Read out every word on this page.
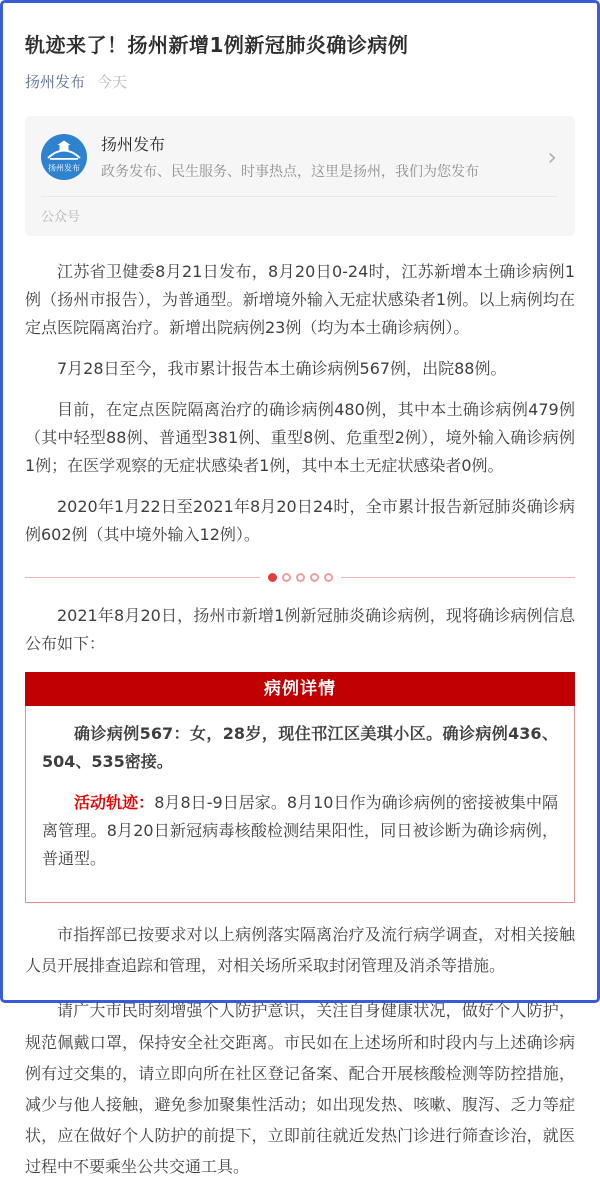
轨迹来了！扬州新增1例新冠肺炎确诊病例
扬州发布 今天
扬州发布
扬州发布
政务发布、民生服务、时事热点，这里是扬州，我们为您发布
›
公众号

江苏省卫健委8月21日发布，8月20日0-24时，江苏新增本土确诊病例1例（扬州市报告），为普通型。新增境外输入无症状感染者1例。以上病例均在定点医院隔离治疗。新增出院病例23例（均为本土确诊病例）。

7月28日至今，我市累计报告本土确诊病例567例，出院88例。

目前，在定点医院隔离治疗的确诊病例480例，其中本土确诊病例479例（其中轻型88例、普通型381例、重型8例、危重型2例），境外输入确诊病例1例；在医学观察的无症状感染者1例，其中本土无症状感染者0例。

2020年1月22日至2021年8月20日24时，全市累计报告新冠肺炎确诊病例602例（其中境外输入12例）。

2021年8月20日，扬州市新增1例新冠肺炎确诊病例，现将确诊病例信息公布如下：

病例详情

确诊病例567：女，28岁，现住邗江区美琪小区。确诊病例436、504、535密接。

活动轨迹：8月8日-9日居家。8月10日作为确诊病例的密接被集中隔离管理。8月20日新冠病毒核酸检测结果阳性，同日被诊断为确诊病例，普通型。

市指挥部已按要求对以上病例落实隔离治疗及流行病学调查，对相关接触人员开展排查追踪和管理，对相关场所采取封闭管理及消杀等措施。

请广大市民时刻增强个人防护意识，关注自身健康状况，做好个人防护，规范佩戴口罩，保持安全社交距离。市民如在上述场所和时段内与上述确诊病例有过交集的，请立即向所在社区登记备案、配合开展核酸检测等防控措施，减少与他人接触，避免参加聚集性活动；如出现发热、咳嗽、腹泻、乏力等症状，应在做好个人防护的前提下，立即前往就近发热门诊进行筛查诊治，就医过程中不要乘坐公共交通工具。
